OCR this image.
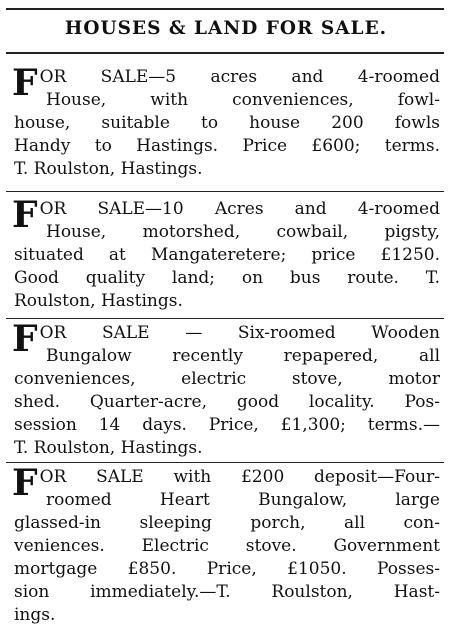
HOUSES & LAND FOR SALE.
F OR SALE—5 acres and 4-roomed
House, with conveniences, fowl-
house, suitable to house 200 fowls
Handy to Hastings. Price £600; terms.
T. Roulston, Hastings.
F OR SALE—10 Acres and 4-roomed
House, motorshed, cowbail, pigsty,
situated at Mangateretere; price £1250.
Good quality land; on bus route. T.
Roulston, Hastings.
F OR SALE — Six-roomed Wooden
Bungalow recently repapered, all
conveniences, electric stove, motor
shed. Quarter-acre, good locality. Pos-
session 14 days. Price, £1,300; terms.—
T. Roulston, Hastings.
F OR SALE with £200 deposit—Four-
roomed Heart Bungalow, large
glassed-in sleeping porch, all con-
veniences. Electric stove. Government
mortgage £850. Price, £1050. Posses-
sion immediately.—T. Roulston, Hast-
ings.
